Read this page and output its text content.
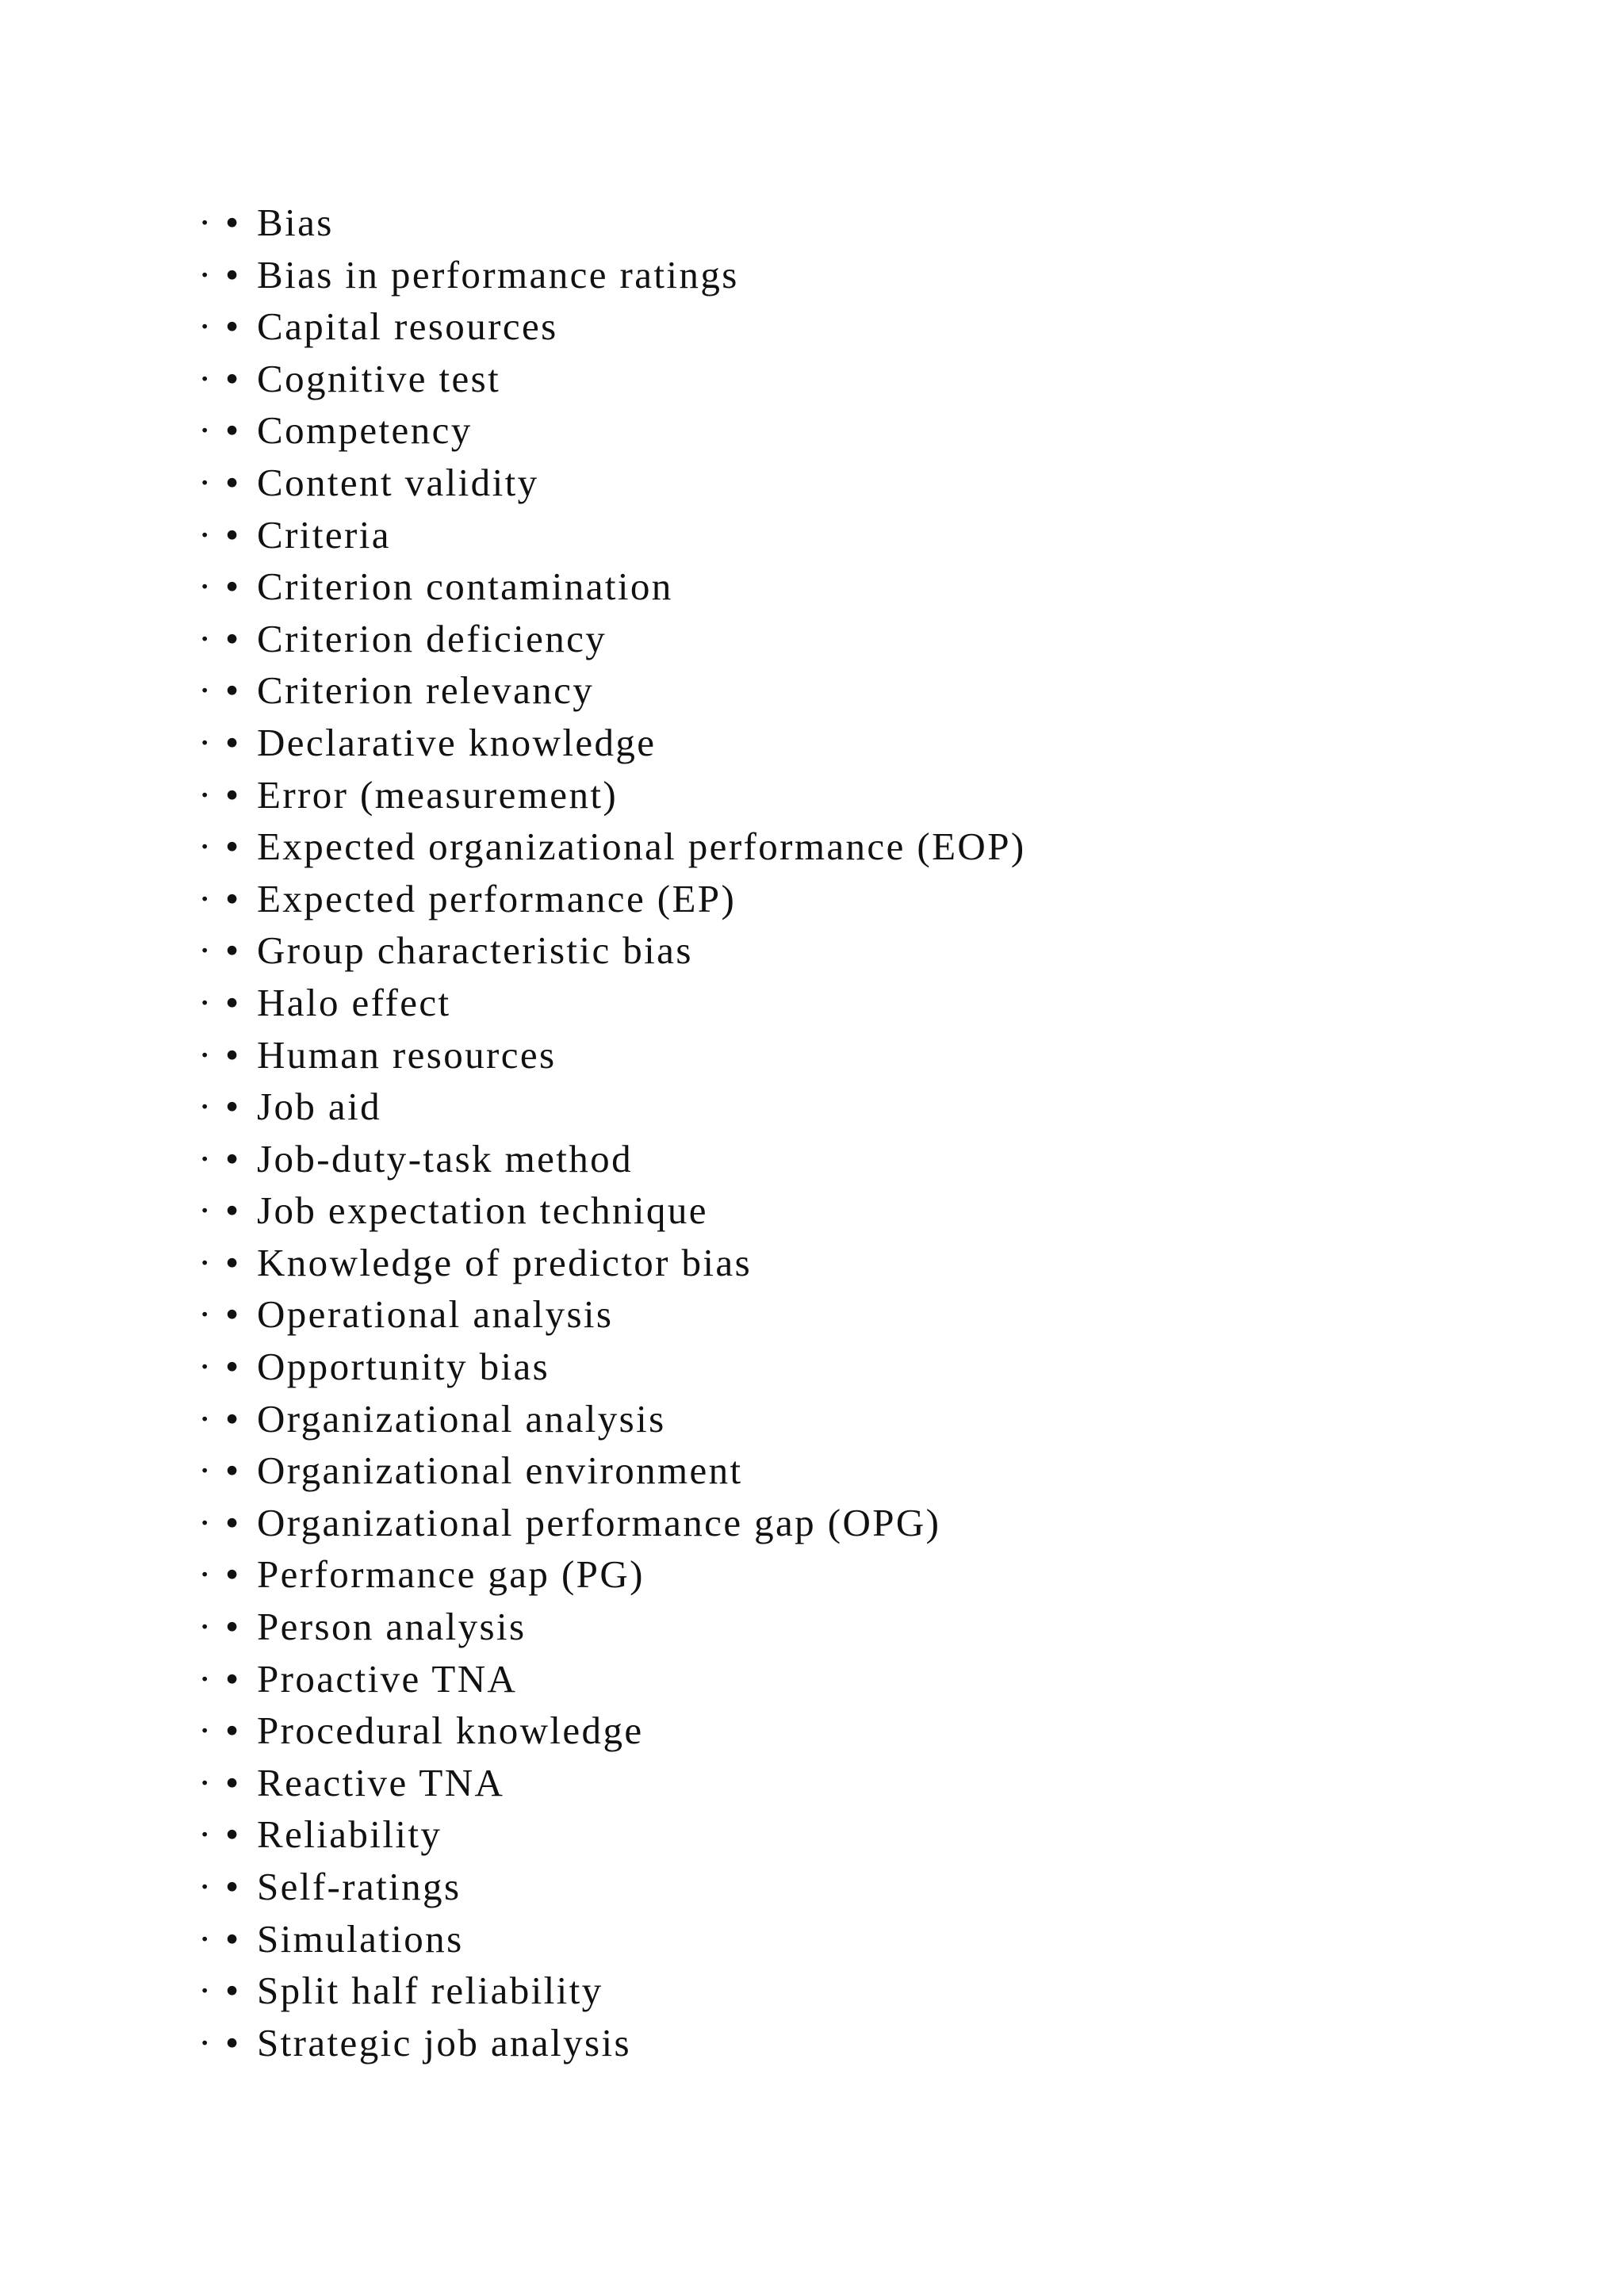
· • Bias
· • Bias in performance ratings
· • Capital resources
· • Cognitive test
· • Competency
· • Content validity
· • Criteria
· • Criterion contamination
· • Criterion deficiency
· • Criterion relevancy
· • Declarative knowledge
· • Error (measurement)
· • Expected organizational performance (EOP)
· • Expected performance (EP)
· • Group characteristic bias
· • Halo effect
· • Human resources
· • Job aid
· • Job-duty-task method
· • Job expectation technique
· • Knowledge of predictor bias
· • Operational analysis
· • Opportunity bias
· • Organizational analysis
· • Organizational environment
· • Organizational performance gap (OPG)
· • Performance gap (PG)
· • Person analysis
· • Proactive TNA
· • Procedural knowledge
· • Reactive TNA
· • Reliability
· • Self-ratings
· • Simulations
· • Split half reliability
· • Strategic job analysis
